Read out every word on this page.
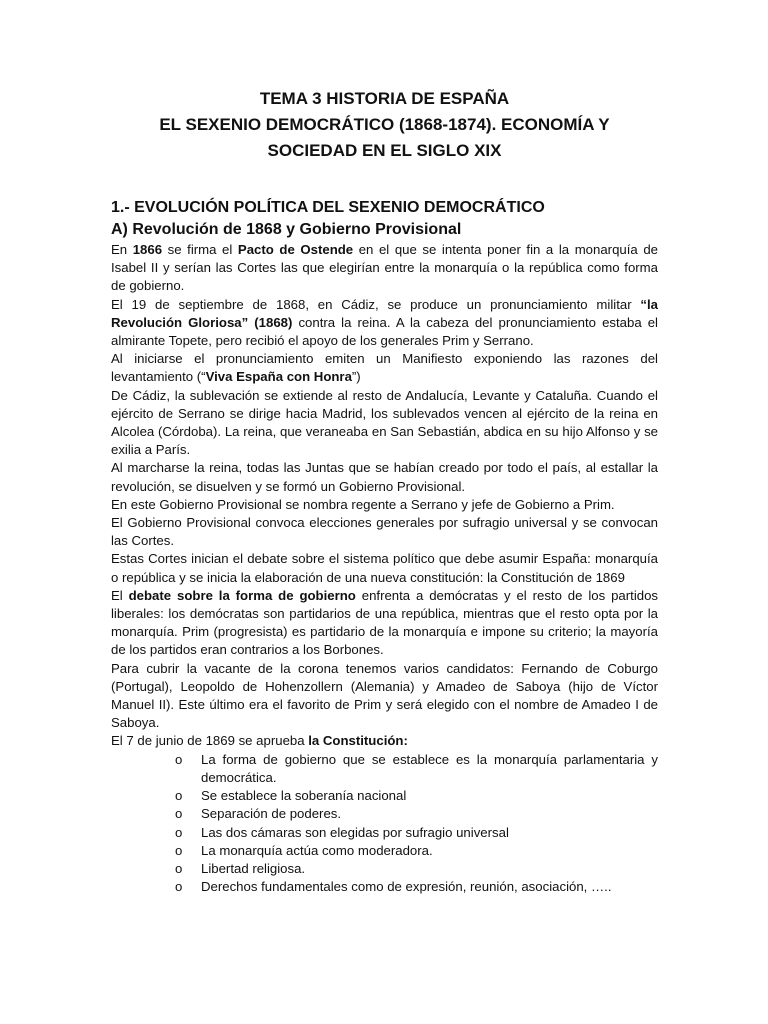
TEMA 3 HISTORIA DE ESPAÑA

EL SEXENIO DEMOCRÁTICO (1868-1874). ECONOMÍA Y

SOCIEDAD EN EL SIGLO XIX

1.- EVOLUCIÓN POLÍTICA DEL SEXENIO DEMOCRÁTICO
A) Revolución de 1868 y Gobierno Provisional

En 1866 se firma el Pacto de Ostende en el que se intenta poner fin a la monarquía de Isabel II y serían las Cortes las que elegirían entre la monarquía o la república como forma de gobierno.

El 19 de septiembre de 1868, en Cádiz, se produce un pronunciamiento militar “la Revolución Gloriosa” (1868) contra la reina. A la cabeza del pronunciamiento estaba el almirante Topete, pero recibió el apoyo de los generales Prim y Serrano.

Al iniciarse el pronunciamiento emiten un Manifiesto exponiendo las razones del levantamiento (“Viva España con Honra”)

De Cádiz, la sublevación se extiende al resto de Andalucía, Levante y Cataluña. Cuando el ejército de Serrano se dirige hacia Madrid, los sublevados vencen al ejército de la reina en Alcolea (Córdoba). La reina, que veraneaba en San Sebastián, abdica en su hijo Alfonso y se exilia a París.

Al marcharse la reina, todas las Juntas que se habían creado por todo el país, al estallar la revolución, se disuelven y se formó un Gobierno Provisional.

En este Gobierno Provisional se nombra regente a Serrano y jefe de Gobierno a Prim.

El Gobierno Provisional convoca elecciones generales por sufragio universal y se convocan las Cortes.

Estas Cortes inician el debate sobre el sistema político que debe asumir España: monarquía o república y se inicia la elaboración de una nueva constitución: la Constitución de 1869

El debate sobre la forma de gobierno enfrenta a demócratas y el resto de los partidos liberales: los demócratas son partidarios de una república, mientras que el resto opta por la monarquía. Prim (progresista) es partidario de la monarquía e impone su criterio; la mayoría de los partidos eran contrarios a los Borbones.

Para cubrir la vacante de la corona tenemos varios candidatos: Fernando de Coburgo (Portugal), Leopoldo de Hohenzollern (Alemania) y Amadeo de Saboya (hijo de Víctor Manuel II). Este último era el favorito de Prim y será elegido con el nombre de Amadeo I de Saboya.

El 7 de junio de 1869 se aprueba la Constitución:

o La forma de gobierno que se establece es la monarquía parlamentaria y democrática.
o Se establece la soberanía nacional
o Separación de poderes.
o Las dos cámaras son elegidas por sufragio universal
o La monarquía actúa como moderadora.
o Libertad religiosa.
o Derechos fundamentales como de expresión, reunión, asociación, …..
